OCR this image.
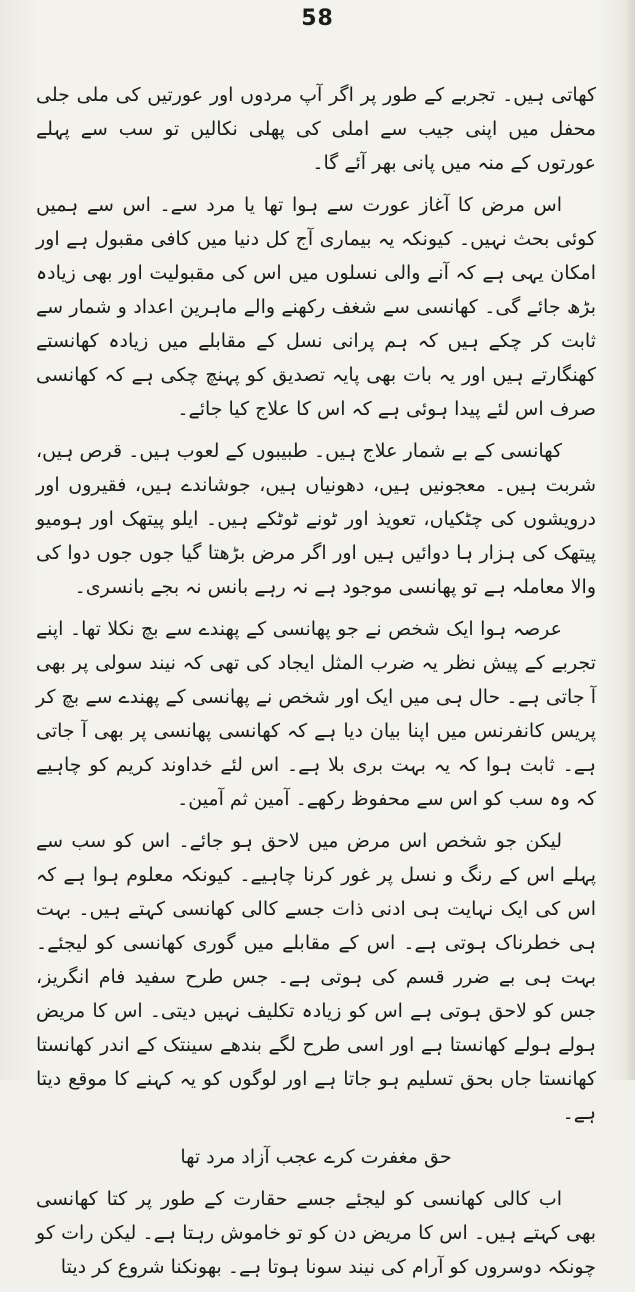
58

کھاتی ہیں۔ تجربے کے طور پر اگر آپ مردوں اور عورتیں کی ملی جلی محفل میں اپنی جیب سے املی کی پھلی نکالیں تو سب سے پہلے عورتوں کے منہ میں پانی بھر آئے گا۔

اس مرض کا آغاز عورت سے ہوا تھا یا مرد سے۔ اس سے ہمیں کوئی بحث نہیں۔ کیونکہ یہ بیماری آج کل دنیا میں کافی مقبول ہے اور امکان یہی ہے کہ آنے والی نسلوں میں اس کی مقبولیت اور بھی زیادہ بڑھ جائے گی۔ کھانسی سے شغف رکھنے والے ماہرین اعداد و شمار سے ثابت کر چکے ہیں کہ ہم پرانی نسل کے مقابلے میں زیادہ کھانستے کھنگارتے ہیں اور یہ بات بھی پایہ تصدیق کو پہنچ چکی ہے کہ کھانسی صرف اس لئے پیدا ہوئی ہے کہ اس کا علاج کیا جائے۔

کھانسی کے بے شمار علاج ہیں۔ طبیبوں کے لعوب ہیں۔ قرص ہیں، شربت ہیں۔ معجونیں ہیں، دھونیاں ہیں، جوشاندے ہیں، فقیروں اور درویشوں کی چٹکیاں، تعویذ اور ٹونے ٹوٹکے ہیں۔ ایلو پیتھک اور ہومیو پیتھک کی ہزار ہا دوائیں ہیں اور اگر مرض بڑھتا گیا جوں جوں دوا کی والا معاملہ ہے تو پھانسی موجود ہے نہ رہے بانس نہ بجے بانسری۔

عرصہ ہوا ایک شخص نے جو پھانسی کے پھندے سے بچ نکلا تھا۔ اپنے تجربے کے پیش نظر یہ ضرب المثل ایجاد کی تھی کہ نیند سولی پر بھی آ جاتی ہے۔ حال ہی میں ایک اور شخص نے پھانسی کے پھندے سے بچ کر پریس کانفرنس میں اپنا بیان دیا ہے کہ کھانسی پھانسی پر بھی آ جاتی ہے۔ ثابت ہوا کہ یہ بہت بری بلا ہے۔ اس لئے خداوند کریم کو چاہیے کہ وہ سب کو اس سے محفوظ رکھے۔ آمین ثم آمین۔

لیکن جو شخص اس مرض میں لاحق ہو جائے۔ اس کو سب سے پہلے اس کے رنگ و نسل پر غور کرنا چاہیے۔ کیونکہ معلوم ہوا ہے کہ اس کی ایک نہایت ہی ادنی ذات جسے کالی کھانسی کہتے ہیں۔ بہت ہی خطرناک ہوتی ہے۔ اس کے مقابلے میں گوری کھانسی کو لیجئے۔ بہت ہی بے ضرر قسم کی ہوتی ہے۔ جس طرح سفید فام انگریز، جس کو لاحق ہوتی ہے اس کو زیادہ تکلیف نہیں دیتی۔ اس کا مریض ہولے ہولے کھانستا ہے اور اسی طرح لگے بندھے سینتک کے اندر کھانستا کھانستا جاں بحق تسلیم ہو جاتا ہے اور لوگوں کو یہ کہنے کا موقع دیتا ہے۔

حق مغفرت کرے عجب آزاد مرد تھا

اب کالی کھانسی کو لیجئے جسے حقارت کے طور پر کتا کھانسی بھی کہتے ہیں۔ اس کا مریض دن کو تو خاموش رہتا ہے۔ لیکن رات کو چونکہ دوسروں کو آرام کی نیند سونا ہوتا ہے۔ بھونکنا شروع کر دیتا
